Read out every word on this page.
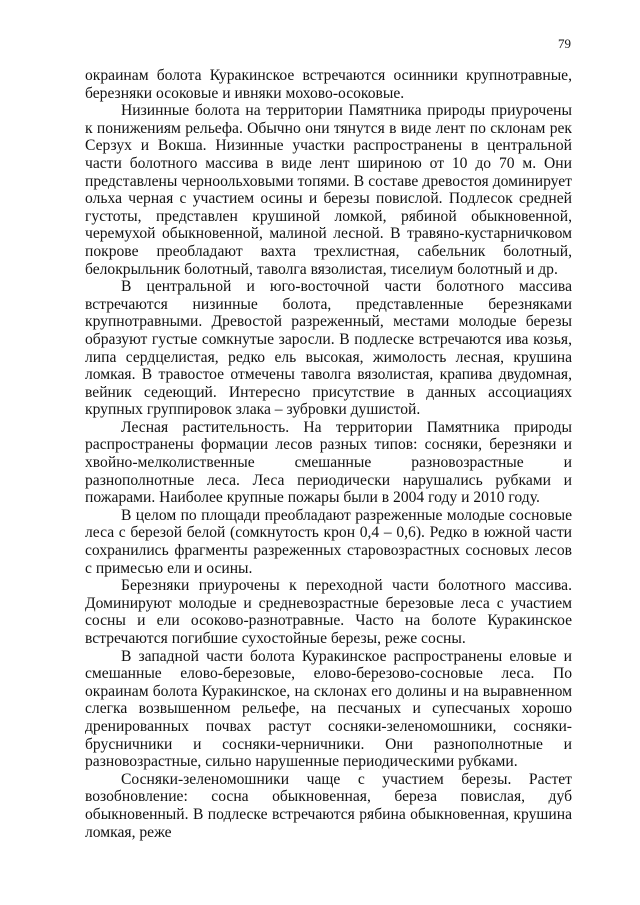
79

окраинам болота Куракинское встречаются осинники крупнотравные, березняки осоковые и ивняки мохово-осоковые.

Низинные болота на территории Памятника природы приурочены к понижениям рельефа. Обычно они тянутся в виде лент по склонам рек Серзух и Вокша. Низинные участки распространены в центральной части болотного массива в виде лент шириною от 10 до 70 м. Они представлены черноольховыми топями. В составе древостоя доминирует ольха черная с участием осины и березы повислой. Подлесок средней густоты, представлен крушиной ломкой, рябиной обыкновенной, черемухой обыкновенной, малиной лесной. В травяно-кустарничковом покрове преобладают вахта трехлистная, сабельник болотный, белокрыльник болотный, таволга вязолистая, тиселиум болотный и др.

В центральной и юго-восточной части болотного массива встречаются низинные болота, представленные березняками крупнотравными. Древостой разреженный, местами молодые березы образуют густые сомкнутые заросли. В подлеске встречаются ива козья, липа сердцелистая, редко ель высокая, жимолость лесная, крушина ломкая. В травостое отмечены таволга вязолистая, крапива двудомная, вейник седеющий. Интересно присутствие в данных ассоциациях крупных группировок злака – зубровки душистой.

Лесная растительность. На территории Памятника природы распространены формации лесов разных типов: сосняки, березняки и хвойно-мелколиственные смешанные разновозрастные и разнополнотные леса. Леса периодически нарушались рубками и пожарами. Наиболее крупные пожары были в 2004 году и 2010 году.

В целом по площади преобладают разреженные молодые сосновые леса с березой белой (сомкнутость крон 0,4 – 0,6). Редко в южной части сохранились фрагменты разреженных старовозрастных сосновых лесов с примесью ели и осины.

Березняки приурочены к переходной части болотного массива. Доминируют молодые и средневозрастные березовые леса с участием сосны и ели осоково-разнотравные. Часто на болоте Куракинское встречаются погибшие сухостойные березы, реже сосны.

В западной части болота Куракинское распространены еловые и смешанные елово-березовые, елово-березово-сосновые леса. По окраинам болота Куракинское, на склонах его долины и на выравненном слегка возвышенном рельефе, на песчаных и супесчаных хорошо дренированных почвах растут сосняки-зеленомошники, сосняки-брусничники и сосняки-черничники. Они разнополнотные и разновозрастные, сильно нарушенные периодическими рубками.

Сосняки-зеленомошники чаще с участием березы. Растет возобновление: сосна обыкновенная, береза повислая, дуб обыкновенный. В подлеске встречаются рябина обыкновенная, крушина ломкая, реже
